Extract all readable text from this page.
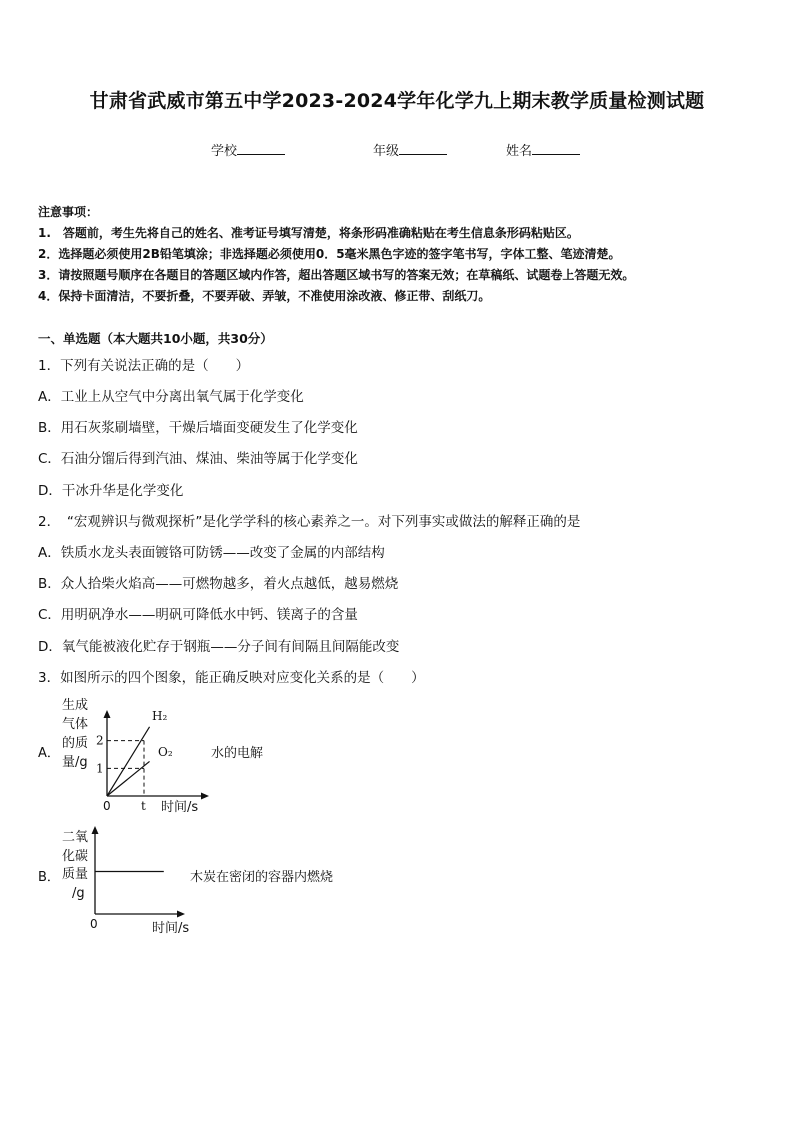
甘肃省武威市第五中学2023-2024学年化学九上期末教学质量检测试题
学校	年级	姓名
注意事项：
1.　答题前，考生先将自己的姓名、准考证号填写清楚，将条形码准确粘贴在考生信息条形码粘贴区。
2．选择题必须使用2B铅笔填涂；非选择题必须使用0．5毫米黑色字迹的签字笔书写，字体工整、笔迹清楚。
3．请按照题号顺序在各题目的答题区域内作答，超出答题区域书写的答案无效；在草稿纸、试题卷上答题无效。
4．保持卡面清洁，不要折叠，不要弄破、弄皱，不准使用涂改液、修正带、刮纸刀。
一、单选题（本大题共10小题，共30分）
1．下列有关说法正确的是（　　）
A．工业上从空气中分离出氧气属于化学变化
B．用石灰浆刷墙壁，干燥后墙面变硬发生了化学变化
C．石油分馏后得到汽油、煤油、柴油等属于化学变化
D．干冰升华是化学变化
2．　“宏观辨识与微观探析”是化学学科的核心素养之一。对下列事实或做法的解释正确的是
A．铁质水龙头表面镀铬可防锈——改变了金属的内部结构
B．众人拾柴火焰高——可燃物越多，着火点越低，越易燃烧
C．用明矾净水——明矾可降低水中钙、镁离子的含量
D．氧气能被液化贮存于钢瓶——分子间有间隔且间隔能改变
3．如图所示的四个图象，能正确反映对应变化关系的是（　　）
A．
生成
气体
的质
量/g
0	时间/s
1
2
t
H₂
O₂	水的电解
B．
二氧
化碳
质量
/g
0	时间/s
木炭在密闭的容器内燃烧
